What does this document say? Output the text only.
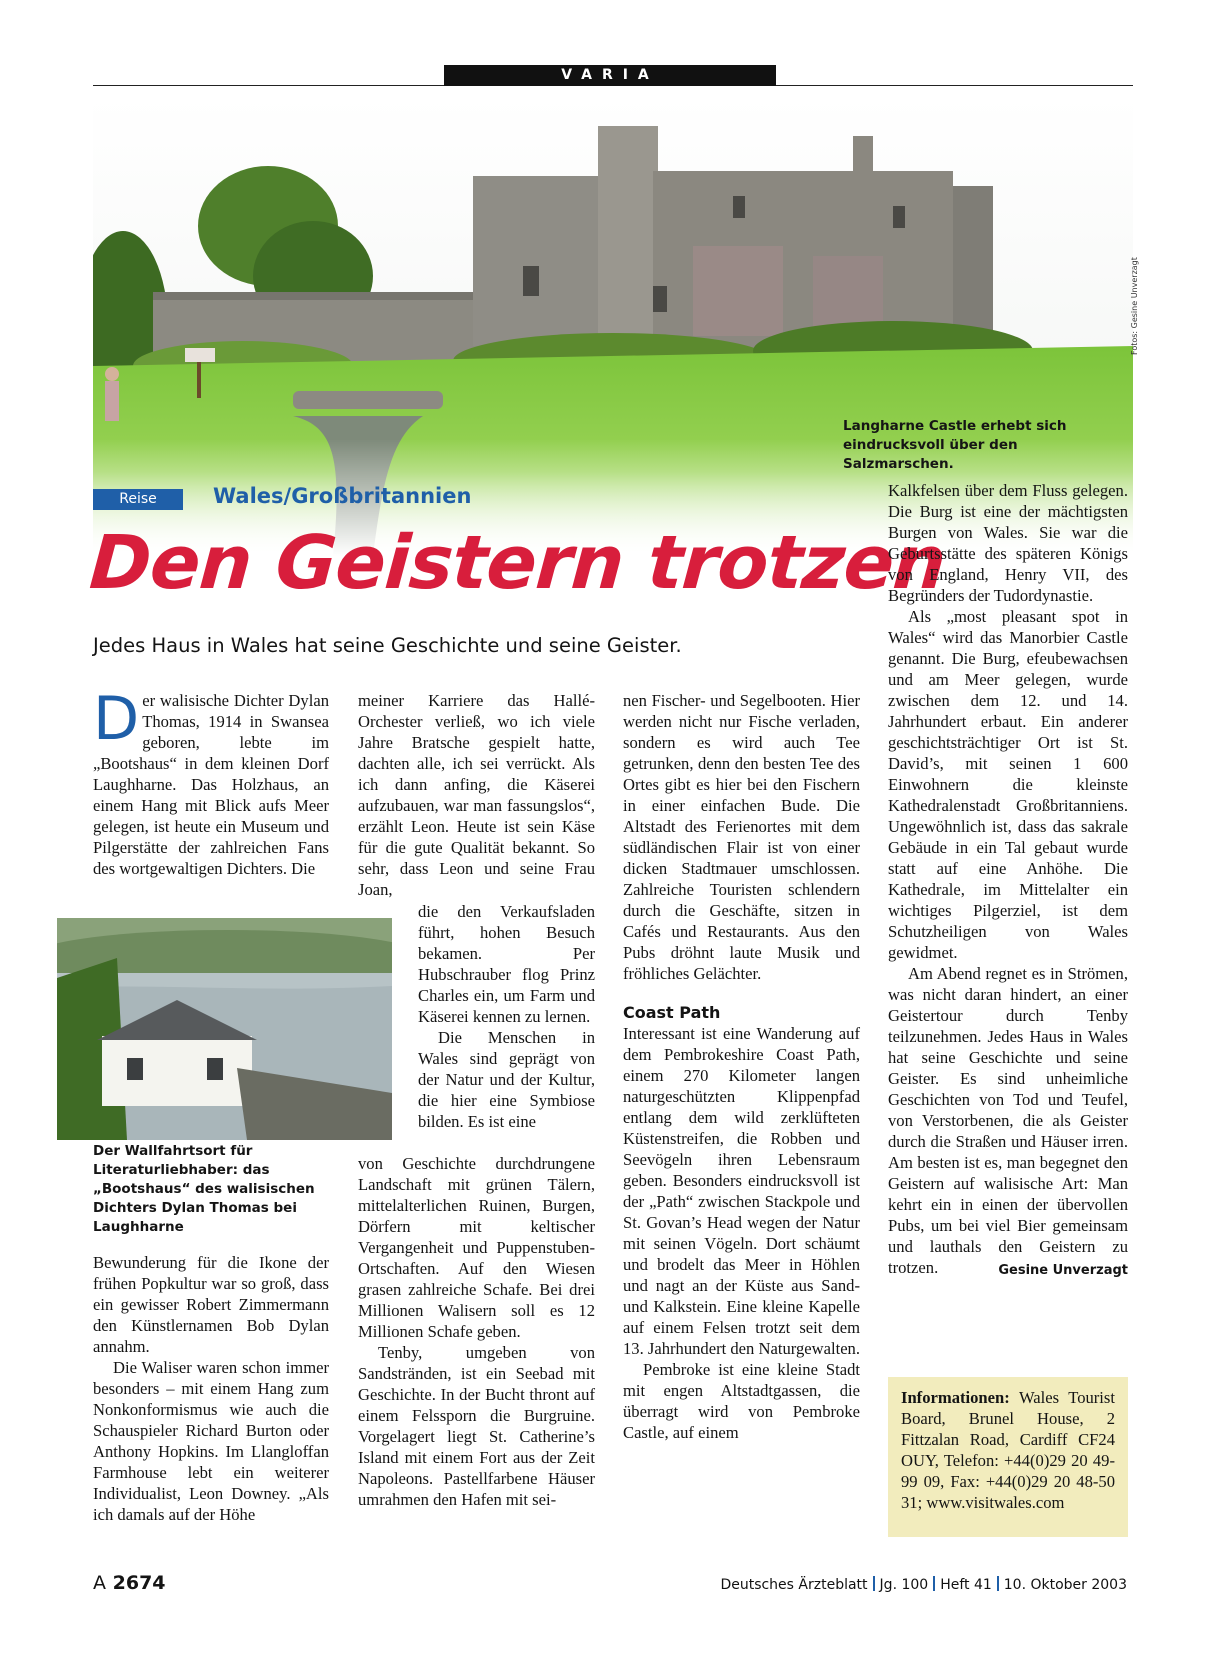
VARIA
Langharne Castle erhebt sich eindrucksvoll über den Salzmarschen.
Fotos: Gesine Unverzagt
Reise	Wales/Großbritannien
Den Geistern trotzen
Jedes Haus in Wales hat seine Geschichte und seine Geister.

Der walisische Dichter Dylan Thomas, 1914 in Swansea geboren, lebte im „Bootshaus“ in dem kleinen Dorf Laughharne. Das Holzhaus, an einem Hang mit Blick aufs Meer gelegen, ist heute ein Museum und Pilgerstätte der zahlreichen Fans des wortgewaltigen Dichters. Die

Der Wallfahrtsort für Literaturliebhaber: das „Bootshaus“ des walisischen Dichters Dylan Thomas bei Laughharne

Bewunderung für die Ikone der frühen Popkultur war so groß, dass ein gewisser Robert Zimmermann den Künstlernamen Bob Dylan annahm.

Die Waliser waren schon immer besonders – mit einem Hang zum Nonkonformismus wie auch die Schauspieler Richard Burton oder Anthony Hopkins. Im Llangloffan Farmhouse lebt ein weiterer Individualist, Leon Downey. „Als ich damals auf der Höhe

meiner Karriere das Hallé-Orchester verließ, wo ich viele Jahre Bratsche gespielt hatte, dachten alle, ich sei verrückt. Als ich dann anfing, die Käserei aufzubauen, war man fassungslos“, erzählt Leon. Heute ist sein Käse für die gute Qualität bekannt. So sehr, dass Leon und seine Frau Joan,

die den Verkaufsladen führt, hohen Besuch bekamen. Per Hubschrauber flog Prinz Charles ein, um Farm und Käserei kennen zu lernen.

Die Menschen in Wales sind geprägt von der Natur und der Kultur, die hier eine Symbiose bilden. Es ist eine

von Geschichte durchdrungene Landschaft mit grünen Tälern, mittelalterlichen Ruinen, Burgen, Dörfern mit keltischer Vergangenheit und Puppenstuben-Ortschaften. Auf den Wiesen grasen zahlreiche Schafe. Bei drei Millionen Walisern soll es 12 Millionen Schafe geben.

Tenby, umgeben von Sandstränden, ist ein Seebad mit Geschichte. In der Bucht thront auf einem Felssporn die Burgruine. Vorgelagert liegt St. Catherine’s Island mit einem Fort aus der Zeit Napoleons. Pastellfarbene Häuser umrahmen den Hafen mit sei-

nen Fischer- und Segelbooten. Hier werden nicht nur Fische verladen, sondern es wird auch Tee getrunken, denn den besten Tee des Ortes gibt es hier bei den Fischern in einer einfachen Bude. Die Altstadt des Ferienortes mit dem südländischen Flair ist von einer dicken Stadtmauer umschlossen. Zahlreiche Touristen schlendern durch die Geschäfte, sitzen in Cafés und Restaurants. Aus den Pubs dröhnt laute Musik und fröhliches Gelächter.

Coast Path

Interessant ist eine Wanderung auf dem Pembrokeshire Coast Path, einem 270 Kilometer langen naturgeschützten Klippenpfad entlang dem wild zerklüfteten Küstenstreifen, die Robben und Seevögeln ihren Lebensraum geben. Besonders eindrucksvoll ist der „Path“ zwischen Stackpole und St. Govan’s Head wegen der Natur mit seinen Vögeln. Dort schäumt und brodelt das Meer in Höhlen und nagt an der Küste aus Sand- und Kalkstein. Eine kleine Kapelle auf einem Felsen trotzt seit dem 13. Jahrhundert den Naturgewalten.

Pembroke ist eine kleine Stadt mit engen Altstadtgassen, die überragt wird von Pembroke Castle, auf einem

Kalkfelsen über dem Fluss gelegen. Die Burg ist eine der mächtigsten Burgen von Wales. Sie war die Geburtsstätte des späteren Königs von England, Henry VII, des Begründers der Tudordynastie.

Als „most pleasant spot in Wales“ wird das Manorbier Castle genannt. Die Burg, efeubewachsen und am Meer gelegen, wurde zwischen dem 12. und 14. Jahrhundert erbaut. Ein anderer geschichtsträchtiger Ort ist St. David’s, mit seinen 1 600 Einwohnern die kleinste Kathedralenstadt Großbritanniens. Ungewöhnlich ist, dass das sakrale Gebäude in ein Tal gebaut wurde statt auf eine Anhöhe. Die Kathedrale, im Mittelalter ein wichtiges Pilgerziel, ist dem Schutzheiligen von Wales gewidmet.

Am Abend regnet es in Strömen, was nicht daran hindert, an einer Geistertour durch Tenby teilzunehmen. Jedes Haus in Wales hat seine Geschichte und seine Geister. Es sind unheimliche Geschichten von Tod und Teufel, von Verstorbenen, die als Geister durch die Straßen und Häuser irren. Am besten ist es, man begegnet den Geistern auf walisische Art: Man kehrt ein in einen der übervollen Pubs, um bei viel Bier gemeinsam und lauthals den Geistern zu trotzen.	Gesine Unverzagt

Informationen: Wales Tourist Board, Brunel House, 2 Fittzalan Road, Cardiff CF24 OUY, Telefon: +44(0)29 20 49-99 09, Fax: +44(0)29 20 48-50 31; www.visitwales.com
A 2674	Deutsches Ärzteblatt Jg. 100 Heft 41 10. Oktober 2003
